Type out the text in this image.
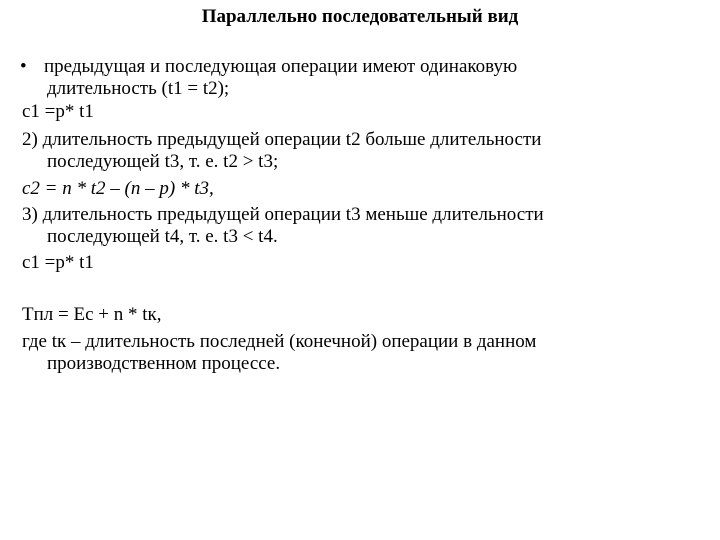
Параллельно последовательный вид
• предыдущая и последующая операции имеют одинаковую
длительность (t1 = t2);
c1 =p* t1
2) длительность предыдущей операции t2 больше длительности
последующей t3, т. е. t2 > t3;
c2 = n * t2 – (n – p) * t3,
3) длительность предыдущей операции t3 меньше длительности
последующей t4, т. е. t3 < t4.
c1 =p* t1
Tпл = Ec + n * tк,
где tк – длительность последней (конечной) операции в данном
производственном процессе.
